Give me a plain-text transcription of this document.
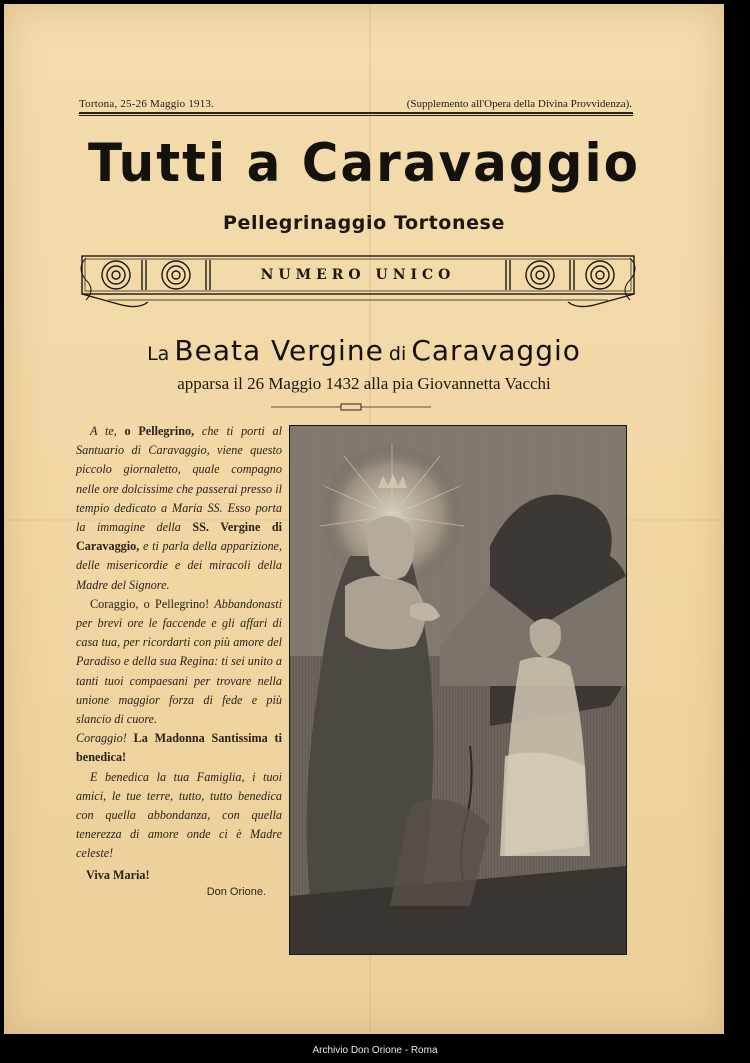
Tortona, 25-26 Maggio 1913.	(Supplemento all'Opera della Divina Provvidenza).
Tutti a Caravaggio
Pellegrinaggio Tortonese
NUMERO UNICO
La Beata Vergine di Caravaggio
apparsa il 26 Maggio 1432 alla pia Giovannetta Vacchi

A te, o Pellegrino, che ti porti al Santuario di Caravaggio, viene questo piccolo giornaletto, quale compagno nelle ore dolcissime che passerai presso il tempio dedicato a Maria SS. Esso porta la immagine della SS. Vergine di Caravaggio, e ti parla della apparizione, delle misericordie e dei miracoli della Madre del Signore.

Coraggio, o Pellegrino! Abbandonasti per brevi ore le faccende e gli affari di casa tua, per ricordarti con più amore del Paradiso e della sua Regina: ti sei unito a tanti tuoi compaesani per trovare nella unione maggior forza di fede e più slancio di cuore.

Coraggio! La Madonna Santissima ti benedica!

E benedica la tua Famiglia, i tuoi amici, le tue terre, tutto, tutto benedica con quella abbondanza, con quella tenerezza di amore onde ci è Madre celeste!

Viva Maria!

Don Orione.

Archivio Don Orione - Roma
